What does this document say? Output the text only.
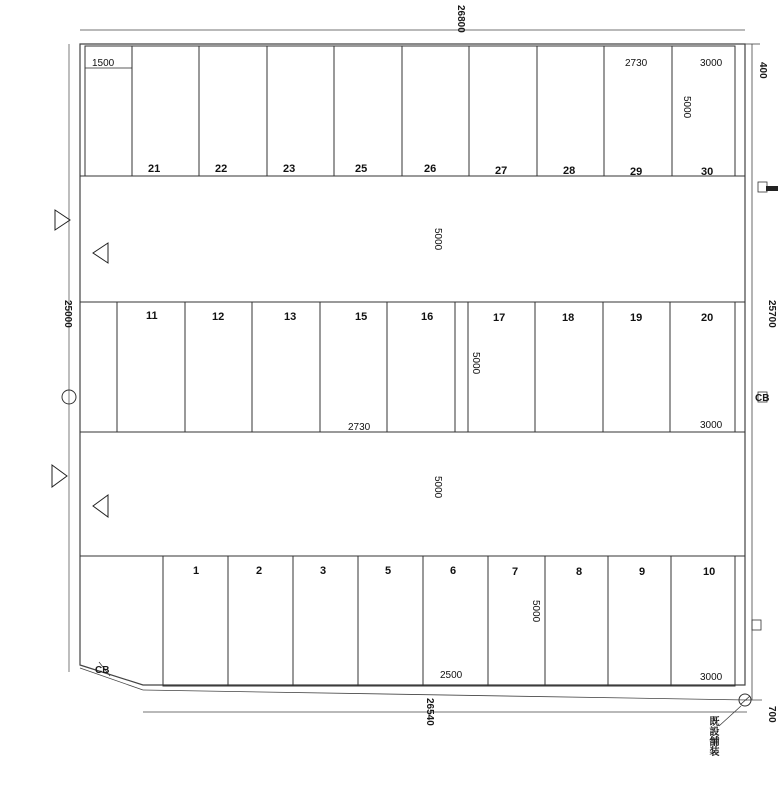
26800
26540
25000	25700
400
700
1500	2730	3000
5000
5000
5000
2730	3000
5000
5000
2500	3000
CB
CB
既設舗装
21	22	23	25	26	27	28	29	30
11	12	13	15	16	17	18	19	20
1	2	3	5	6	7	8	9	10
